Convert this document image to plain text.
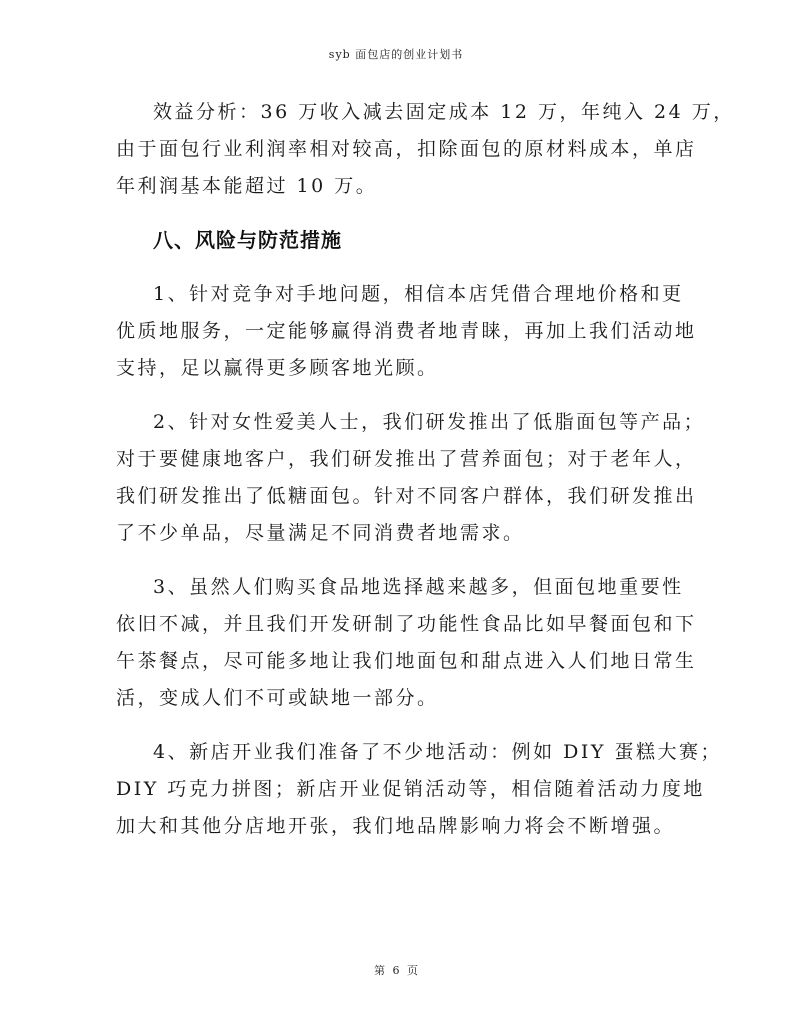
syb 面包店的创业计划书
效益分析：36 万收入减去固定成本 12 万，年纯入 24 万，
由于面包行业利润率相对较高，扣除面包的原材料成本，单店
年利润基本能超过 10 万。
八、风险与防范措施
1、针对竞争对手地问题，相信本店凭借合理地价格和更
优质地服务，一定能够赢得消费者地青睐，再加上我们活动地
支持，足以赢得更多顾客地光顾。
2、针对女性爱美人士，我们研发推出了低脂面包等产品；
对于要健康地客户，我们研发推出了营养面包；对于老年人，
我们研发推出了低糖面包。针对不同客户群体，我们研发推出
了不少单品，尽量满足不同消费者地需求。
3、虽然人们购买食品地选择越来越多，但面包地重要性
依旧不减，并且我们开发研制了功能性食品比如早餐面包和下
午茶餐点，尽可能多地让我们地面包和甜点进入人们地日常生
活，变成人们不可或缺地一部分。
4、新店开业我们准备了不少地活动：例如 DIY 蛋糕大赛；
DIY 巧克力拼图；新店开业促销活动等，相信随着活动力度地
加大和其他分店地开张，我们地品牌影响力将会不断增强。
第 6 页
